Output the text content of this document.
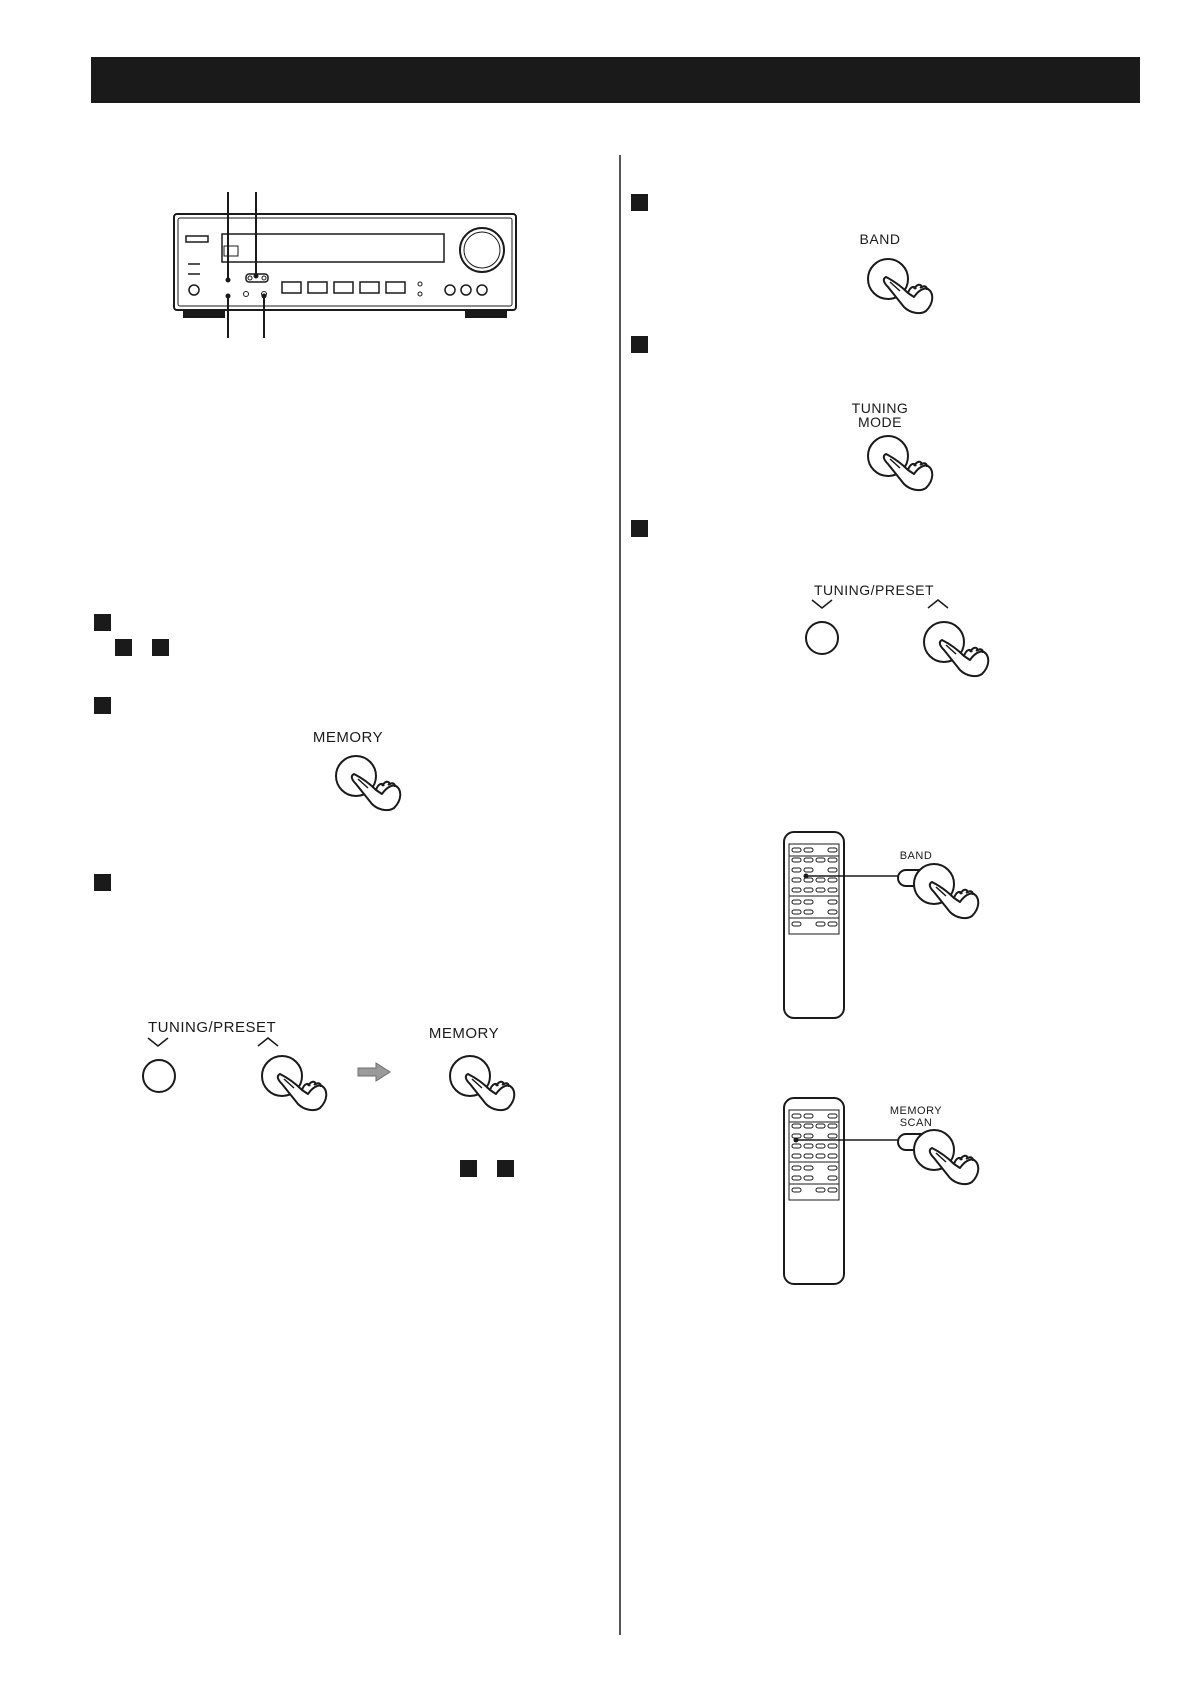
MEMORY
TUNING/PRESET	MEMORY
BAND
TUNING
MODE
TUNING/PRESET
BAND
MEMORY
SCAN
